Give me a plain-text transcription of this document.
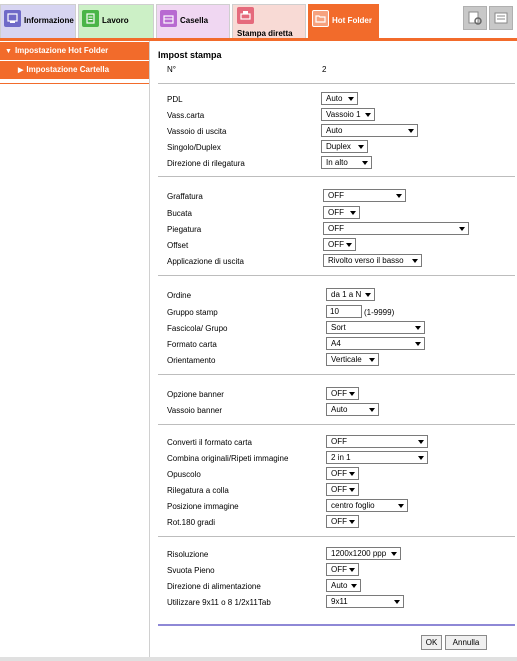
Informazione	Lavoro	Casella
Stampa diretta
Hot Folder
▼ Impostazione Hot Folder
▶ Impostazione Cartella
Impost stampa
N°	2
PDL	Auto
Vass.carta	Vassoio 1
Vassoio di uscita	Auto
Singolo/Duplex	Duplex
Direzione di rilegatura	In alto
Graffatura	OFF
Bucata	OFF
Piegatura	OFF
Offset	OFF
Applicazione di uscita	Rivolto verso il basso
Ordine	da 1 a N
Gruppo stamp	10	(1-9999)
Fascicola/ Grupo	Sort
Formato carta	A4
Orientamento	Verticale
Opzione banner	OFF
Vassoio banner	Auto
Converti il formato carta	OFF
Combina originali/Ripeti immagine	2 in 1
Opuscolo	OFF
Rilegatura a colla	OFF
Posizione immagine	centro foglio
Rot.180 gradi	OFF
Risoluzione	1200x1200 ppp
Svuota Pieno	OFF
Direzione di alimentazione	Auto
Utilizzare 9x11 o 8 1/2x11Tab	9x11
OK	Annulla
